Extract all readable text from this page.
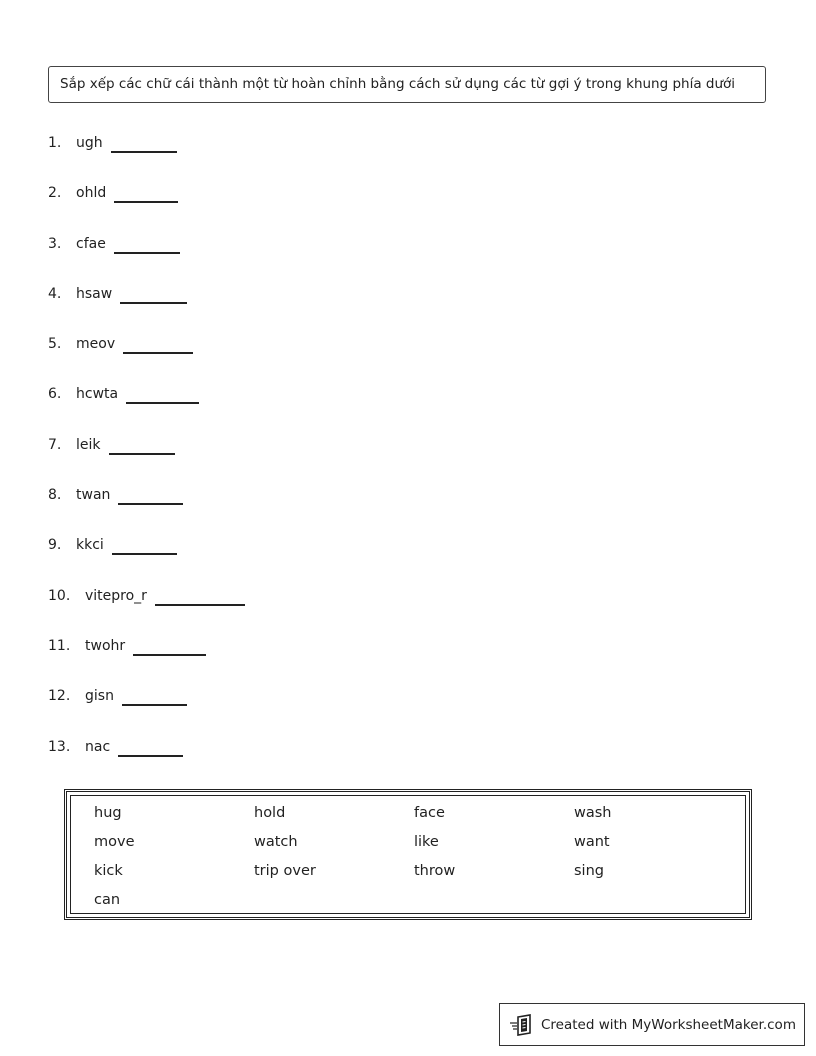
Sắp xếp các chữ cái thành một từ hoàn chỉnh bằng cách sử dụng các từ gợi ý trong khung phía dưới
1.	ugh
2.	ohld
3.	cfae
4.	hsaw
5.	meov
6.	hcwta
7.	leik
8.	twan
9.	kkci
10.	vitepro_r
11.	twohr
12.	gisn
13.	nac
hug	hold	face	wash
move	watch	like	want
kick	trip over	throw	sing
can
Created with MyWorksheetMaker.com
